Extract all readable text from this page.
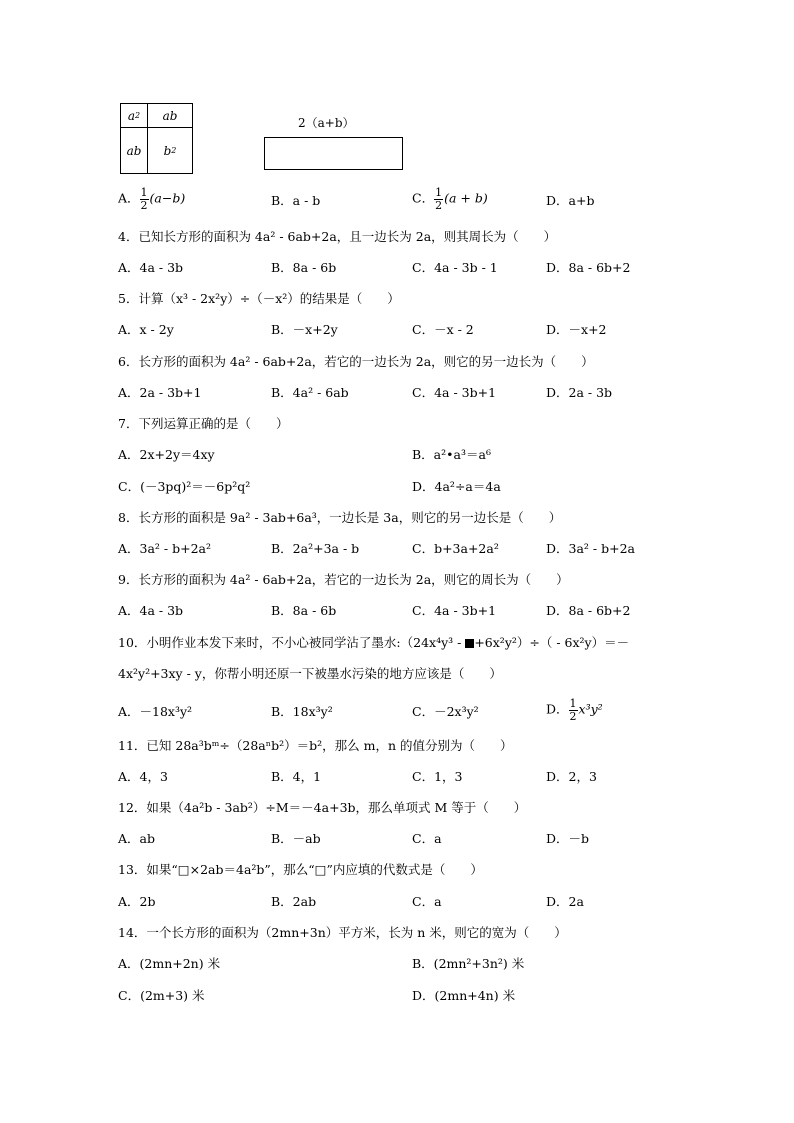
a 2 ab
ab b 2
2（a+b）
A． $\frac{1}{2} (a-b)$	B．a - b	C． $\frac{1}{2} (a + b)$	D．a+b
4．已知长方形的面积为 4a² - 6ab+2a，且一边长为 2a，则其周长为（　　）
A．4a - 3b	B．8a - 6b	C．4a - 3b - 1	D．8a - 6b+2
5．计算（x³ - 2x²y）÷（－x²）的结果是（　　）
A．x - 2y	B．－x+2y	C．－x - 2	D．－x+2
6．长方形的面积为 4a² - 6ab+2a，若它的一边长为 2a，则它的另一边长为（　　）
A．2a - 3b+1	B．4a² - 6ab	C．4a - 3b+1	D．2a - 3b
7．下列运算正确的是（　　）
A．2x+2y＝4xy	B．a²•a³＝a⁶
C．(－3pq)²＝－6p²q²	D．4a²÷a＝4a
8．长方形的面积是 9a² - 3ab+6a³，一边长是 3a，则它的另一边长是（　　）
A．3a² - b+2a²	B．2a²+3a - b	C．b+3a+2a²	D．3a² - b+2a
9．长方形的面积为 4a² - 6ab+2a，若它的一边长为 2a，则它的周长为（　　）
A．4a - 3b	B．8a - 6b	C．4a - 3b+1	D．8a - 6b+2
10．小明作业本发下来时，不小心被同学沾了墨水:（24x⁴y³ - +6x²y²）÷（ - 6x²y）＝－
4x²y²+3xy - y，你帮小明还原一下被墨水污染的地方应该是（　　）
A．－18x³y²	B．18x³y²	C．－2x³y²	D． $\frac{1}{2} x^3y^2$
11．已知 28a³bᵐ÷（28aⁿb²）＝b²，那么 m，n 的值分别为（　　）
A．4，3	B．4，1	C．1，3	D．2，3
12．如果（4a²b - 3ab²）÷M＝－4a+3b，那么单项式 M 等于（　　）
A．ab	B．－ab	C．a	D．－b
13．如果“□×2ab＝4a²b”，那么“□”内应填的代数式是（　　）
A．2b	B．2ab	C．a	D．2a
14．一个长方形的面积为（2mn+3n）平方米，长为 n 米，则它的宽为（　　）
A．(2mn+2n) 米	B．(2mn²+3n²) 米
C．(2m+3) 米	D．(2mn+4n) 米
